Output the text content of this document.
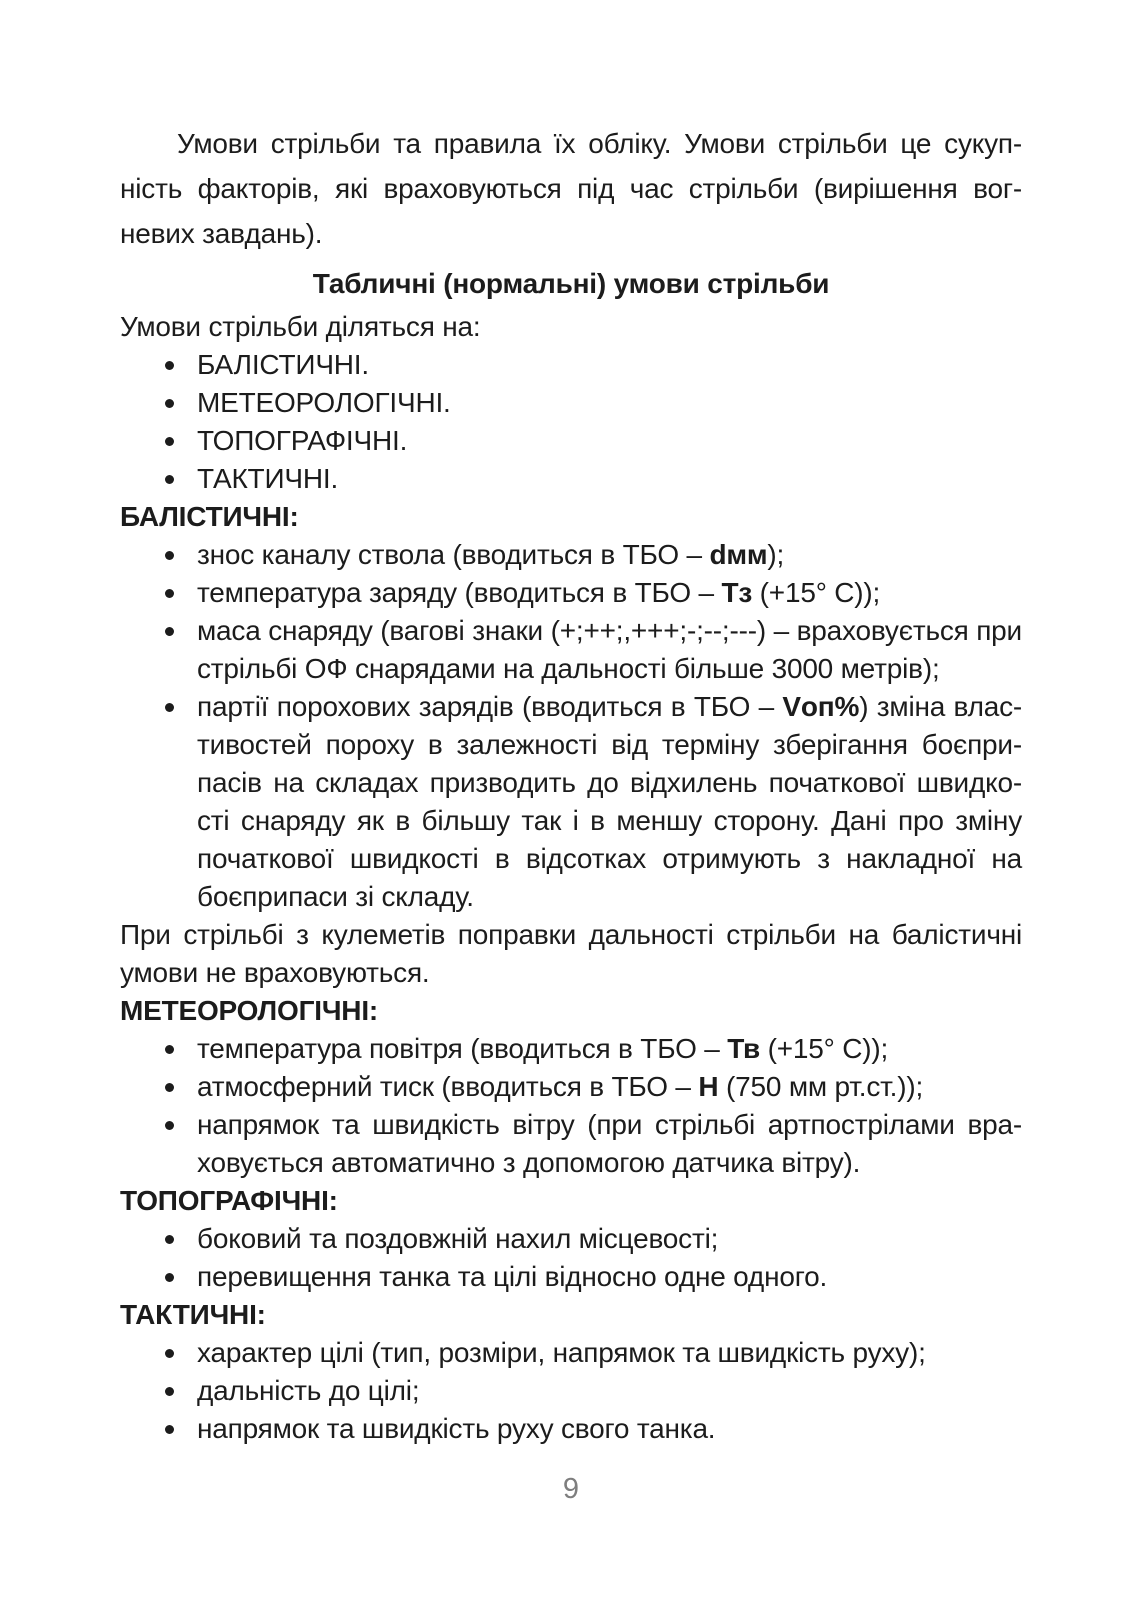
Умови стрільби та правила їх обліку. Умови стрільби це сукуп-
ність факторів, які враховуються під час стрільби (вирішення вог-
невих завдань).
Табличні (нормальні) умови стрільби
Умови стрільби діляться на:
БАЛІСТИЧНІ.
МЕТЕОРОЛОГІЧНІ.
ТОПОГРАФІЧНІ.
ТАКТИЧНІ.
БАЛІСТИЧНІ:
знос каналу ствола (вводиться в ТБО – dмм);
температура заряду (вводиться в ТБО – Тз (+15° С));
маса снаряду (вагові знаки (+;++;,+++;-;--;---) – враховується при
стрільбі ОФ снарядами на дальності більше 3000 метрів);
партії порохових зарядів (вводиться в ТБО – Vоп%) зміна влас-
тивостей пороху в залежності від терміну зберігання боєпри-
пасів на складах призводить до відхилень початкової швидко-
сті снаряду як в більшу так і в меншу сторону. Дані про зміну
початкової швидкості в відсотках отримують з накладної на
боєприпаси зі складу.
При стрільбі з кулеметів поправки дальності стрільби на балістичні
умови не враховуються.
МЕТЕОРОЛОГІЧНІ:
температура повітря (вводиться в ТБО – Тв (+15° С));
атмосферний тиск (вводиться в ТБО – Н (750 мм рт.ст.));
напрямок та швидкість вітру (при стрільбі артпострілами вра-
ховується автоматично з допомогою датчика вітру).
ТОПОГРАФІЧНІ:
боковий та поздовжній нахил місцевості;
перевищення танка та цілі відносно одне одного.
ТАКТИЧНІ:
характер цілі (тип, розміри, напрямок та швидкість руху);
дальність до цілі;
напрямок та швидкість руху свого танка.
9
